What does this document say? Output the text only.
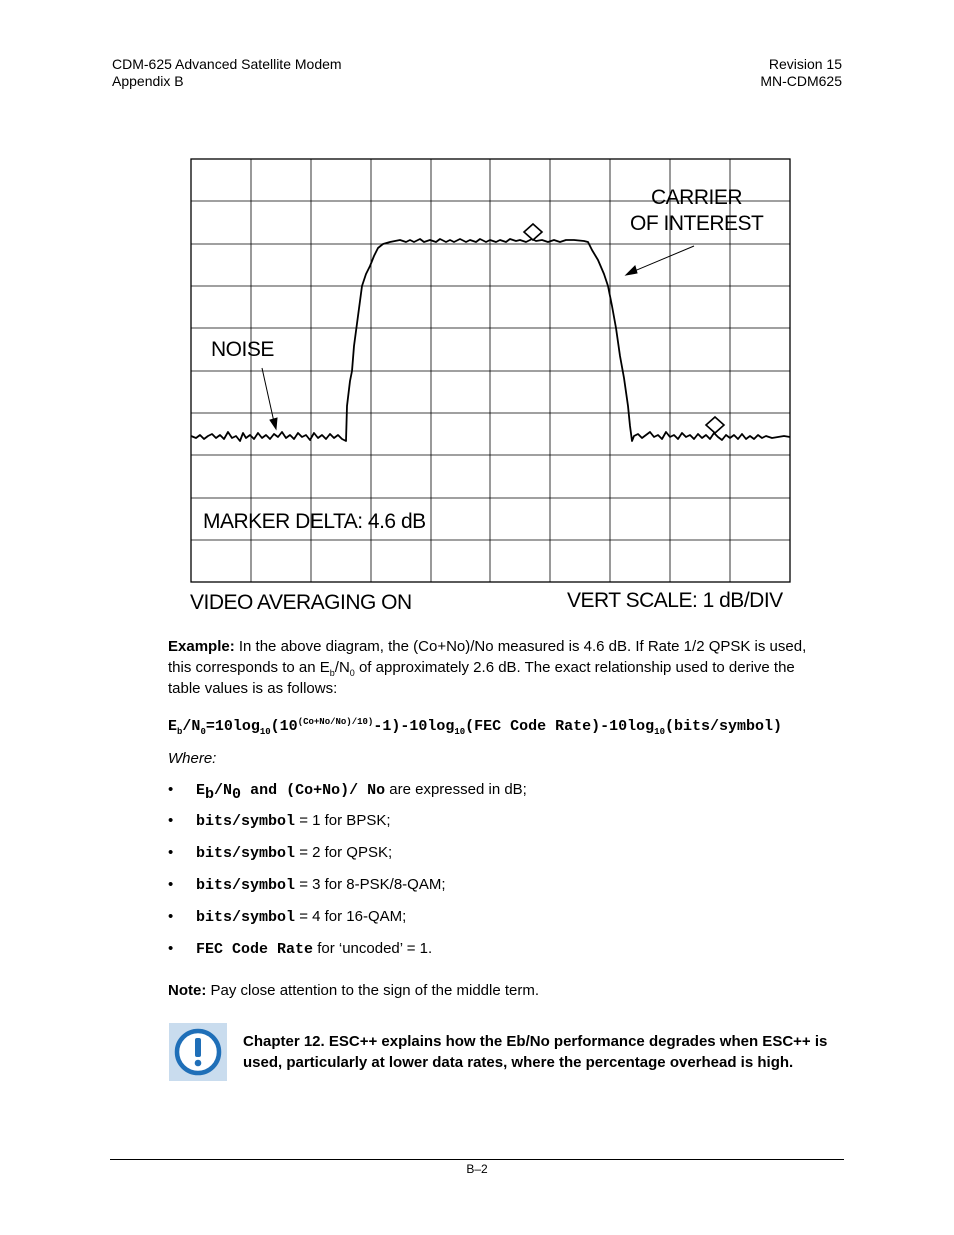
CDM-625 Advanced Satellite Modem
Appendix B
Revision 15
MN-CDM625
CARRIER
OF INTEREST
NOISE
MARKER DELTA: 4.6 dB
VIDEO AVERAGING ON	VERT SCALE: 1 dB/DIV
Example: In the above diagram, the (Co+No)/No measured is 4.6 dB. If Rate 1/2 QPSK is used,
this corresponds to an $E_b/N_0$ of approximately 2.6 dB. The exact relationship used to derive the
table values is as follows:
$E_b/N_0=10\log_{10}(10^{(Co+No/No)/10)}-1)-10\log_{10}(FEC$ Code $Rate)-10\log_{10}(bits/symbol)$
Where:
• $E_b/N_0$ and (Co+No)/ No are expressed in dB;
• bits/symbol = 1 for BPSK;
• bits/symbol = 2 for QPSK;
• bits/symbol = 3 for 8-PSK/8-QAM;
• bits/symbol = 4 for 16-QAM;
• FEC Code Rate for ‘uncoded’ = 1.
Note: Pay close attention to the sign of the middle term.
Chapter 12. ESC++ explains how the Eb/No performance degrades when ESC++ is
used, particularly at lower data rates, where the percentage overhead is high.
B–2
